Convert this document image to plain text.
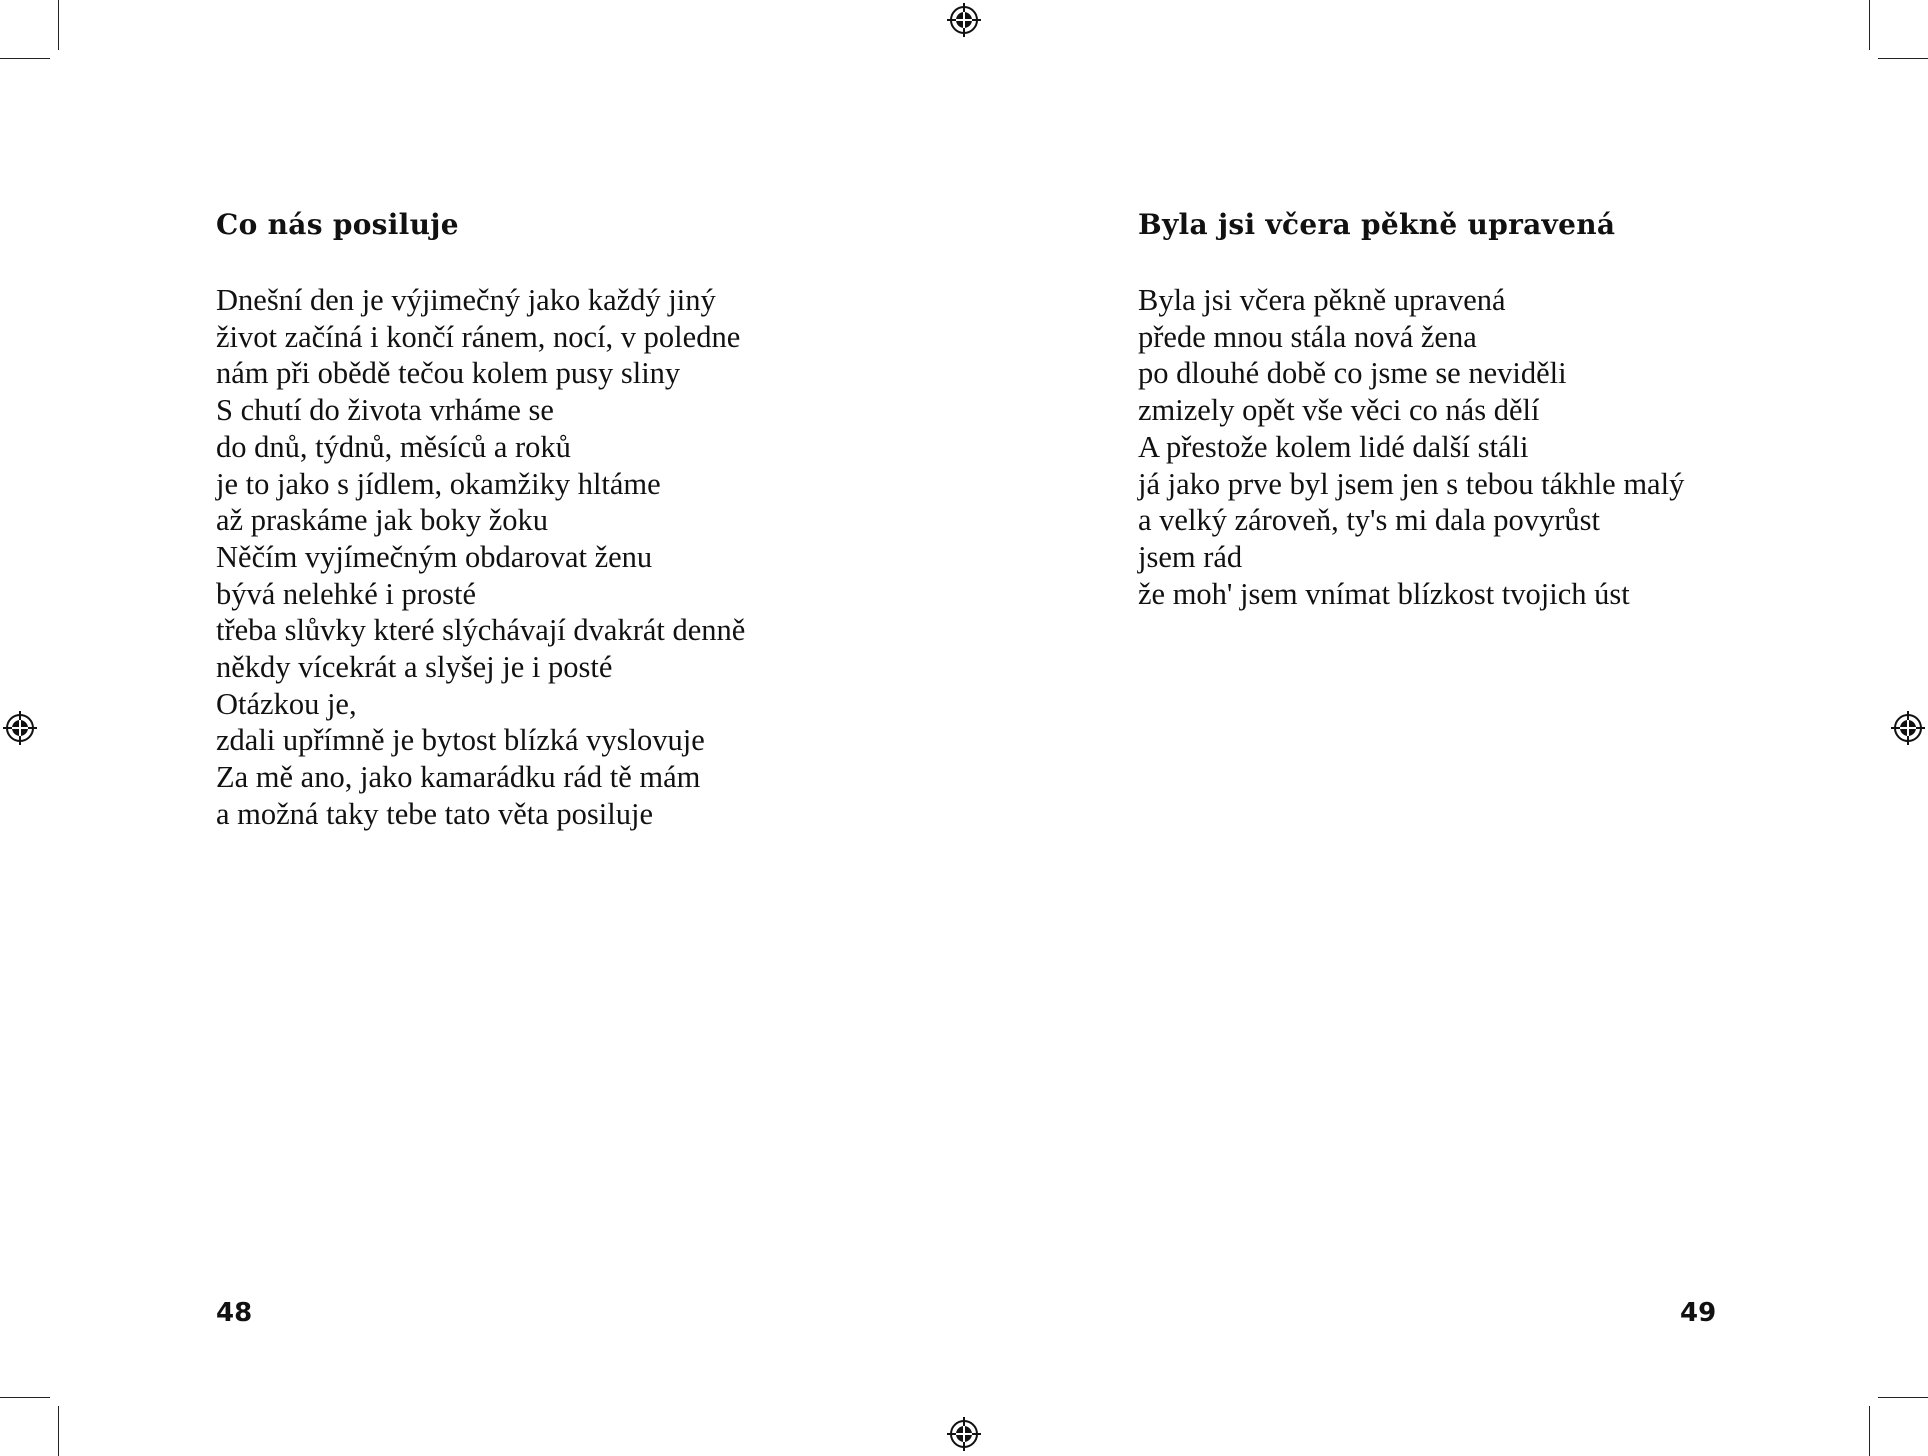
Co nás posiluje
Dnešní den je výjimečný jako každý jiný
život začíná i končí ránem, nocí, v poledne
nám při obědě tečou kolem pusy sliny
S chutí do života vrháme se
do dnů, týdnů, měsíců a roků
je to jako s jídlem, okamžiky hltáme
až praskáme jak boky žoku
Něčím vyjímečným obdarovat ženu
bývá nelehké i prosté
třeba slůvky které slýchávají dvakrát denně
někdy vícekrát a slyšej je i posté
Otázkou je,
zdali upřímně je bytost blízká vyslovuje
Za mě ano, jako kamarádku rád tě mám
a možná taky tebe tato věta posiluje
48
Byla jsi včera pěkně upravená
Byla jsi včera pěkně upravená
přede mnou stála nová žena
po dlouhé době co jsme se neviděli
zmizely opět vše věci co nás dělí
A přestože kolem lidé další stáli
já jako prve byl jsem jen s tebou tákhle malý
a velký zároveň, ty's mi dala povyrůst
jsem rád
že moh' jsem vnímat blízkost tvojich úst
49
